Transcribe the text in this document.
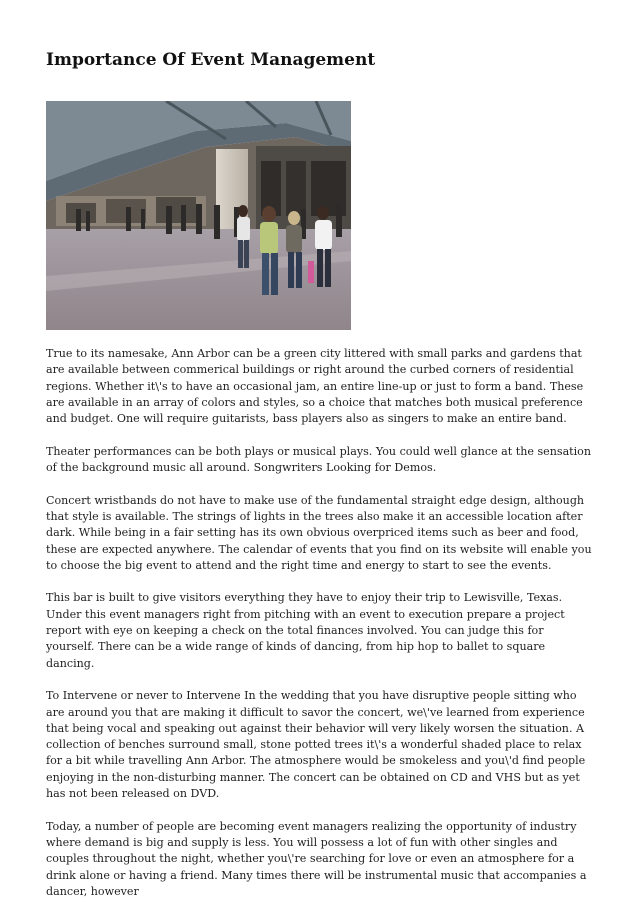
Importance Of Event Management

True to its namesake, Ann Arbor can be a green city littered with small parks and gardens that are available between commerical buildings or right around the curbed corners of residential regions. Whether it\'s to have an occasional jam, an entire line-up or just to form a band. These are available in an array of colors and styles, so a choice that matches both musical preference and budget. One will require guitarists, bass players also as singers to make an entire band.

Theater performances can be both plays or musical plays. You could well glance at the sensation of the background music all around. Songwriters Looking for Demos.

Concert wristbands do not have to make use of the fundamental straight edge design, although that style is available. The strings of lights in the trees also make it an accessible location after dark. While being in a fair setting has its own obvious overpriced items such as beer and food, these are expected anywhere. The calendar of events that you find on its website will enable you to choose the big event to attend and the right time and energy to start to see the events.

This bar is built to give visitors everything they have to enjoy their trip to Lewisville, Texas. Under this event managers right from pitching with an event to execution prepare a project report with eye on keeping a check on the total finances involved. You can judge this for yourself. There can be a wide range of kinds of dancing, from hip hop to ballet to square dancing.

To Intervene or never to Intervene In the wedding that you have disruptive people sitting who are around you that are making it difficult to savor the concert, we\'ve learned from experience that being vocal and speaking out against their behavior will very likely worsen the situation. A collection of benches surround small, stone potted trees it\'s a wonderful shaded place to relax for a bit while travelling Ann Arbor. The atmosphere would be smokeless and you\'d find people enjoying in the non-disturbing manner. The concert can be obtained on CD and VHS but as yet has not been released on DVD.

Today, a number of people are becoming event managers realizing the opportunity of industry where demand is big and supply is less. You will possess a lot of fun with other singles and couples throughout the night, whether you\'re searching for love or even an atmosphere for a drink alone or having a friend. Many times there will be instrumental music that accompanies a dancer, however
